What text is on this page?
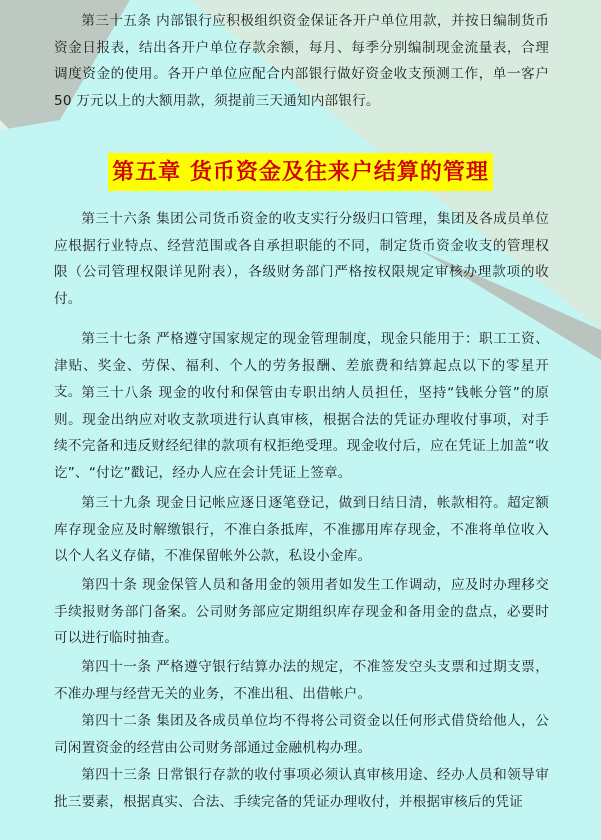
第三十五条 内部银行应积极组织资金保证各开户单位用款，并按日编制货币资金日报表，结出各开户单位存款余额，每月、每季分别编制现金流量表，合理调度资金的使用。各开户单位应配合内部银行做好资金收支预测工作，单一客户 50 万元以上的大额用款，须提前三天通知内部银行。

第五章 货币资金及往来户结算的管理

第三十六条 集团公司货币资金的收支实行分级归口管理，集团及各成员单位应根据行业特点、经营范围或各自承担职能的不同，制定货币资金收支的管理权限（公司管理权限详见附表），各级财务部门严格按权限规定审核办理款项的收付。

第三十七条 严格遵守国家规定的现金管理制度，现金只能用于：职工工资、津贴、奖金、劳保、福利、个人的劳务报酬、差旅费和结算起点以下的零星开支。 第三十八条 现金的收付和保管由专职出纳人员担任，坚持“钱帐分管”的原则。现金出纳应对收支款项进行认真审核，根据合法的凭证办理收付事项，对手续不完备和违反财经纪律的款项有权拒绝受理。现金收付后，应在凭证上加盖“收讫”、“付讫”戳记，经办人应在会计凭证上签章。

第三十九条 现金日记帐应逐日逐笔登记，做到日结日清，帐款相符。超定额库存现金应及时解缴银行，不准白条抵库，不准挪用库存现金，不准将单位收入以个人名义存储，不准保留帐外公款，私设小金库。

第四十条 现金保管人员和备用金的领用者如发生工作调动，应及时办理移交手续报财务部门备案。公司财务部应定期组织库存现金和备用金的盘点，必要时可以进行临时抽查。

第四十一条 严格遵守银行结算办法的规定，不准签发空头支票和过期支票，不准办理与经营无关的业务，不准出租、出借帐户。

第四十二条 集团及各成员单位均不得将公司资金以任何形式借贷给他人，公司闲置资金的经营由公司财务部通过金融机构办理。

第四十三条 日常银行存款的收付事项必须认真审核用途、经办人员和领导审批三要素，根据真实、合法、手续完备的凭证办理收付，并根据审核后的凭证
